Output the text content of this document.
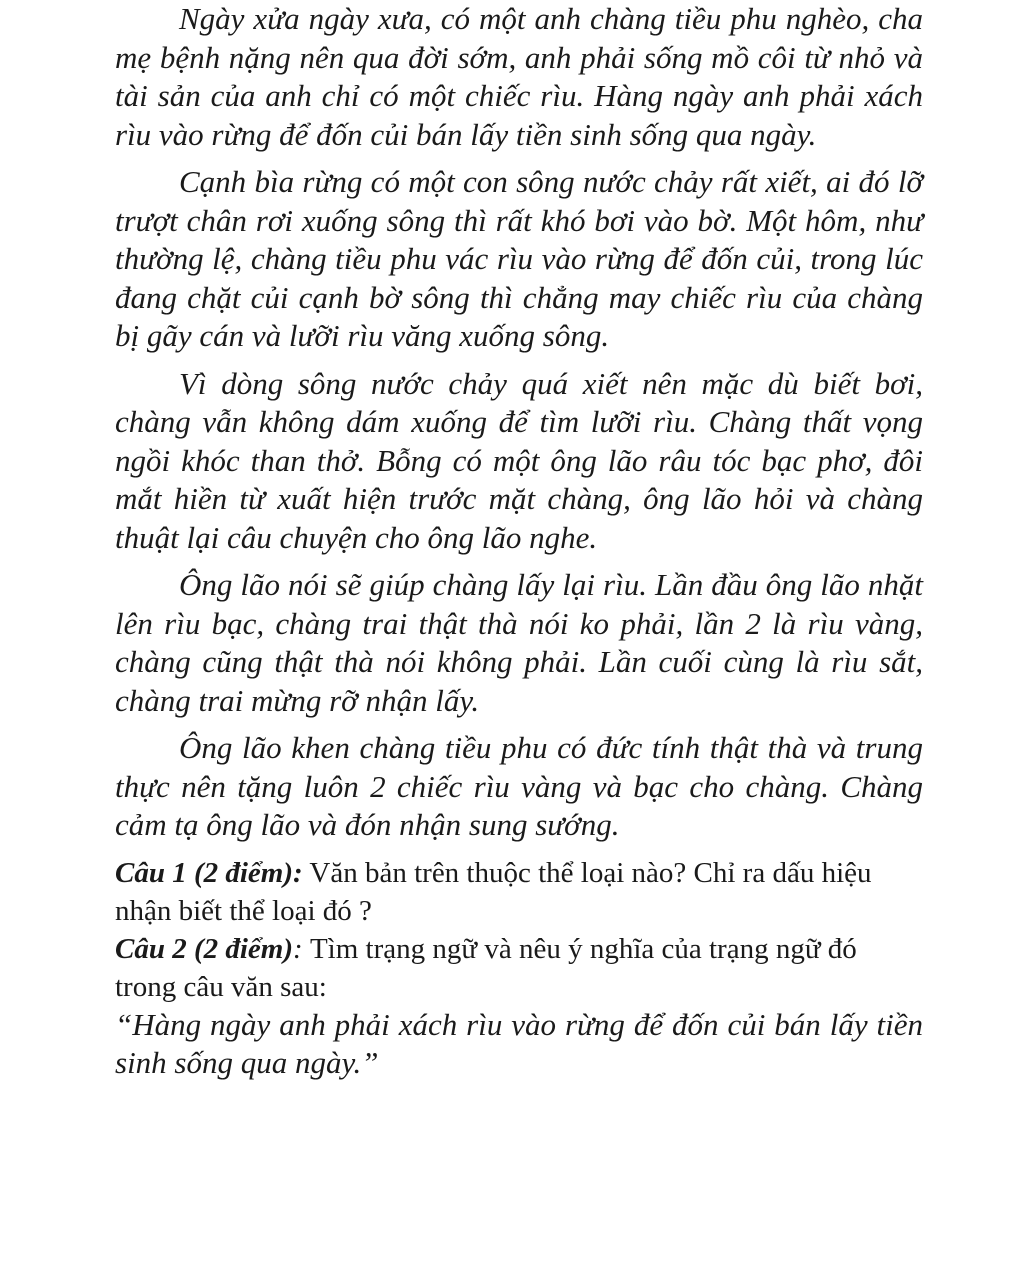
Ngày xửa ngày xưa, có một anh chàng tiều phu nghèo, cha mẹ bệnh nặng nên qua đời sớm, anh phải sống mồ côi từ nhỏ và tài sản của anh chỉ có một chiếc rìu. Hàng ngày anh phải xách rìu vào rừng để đốn củi bán lấy tiền sinh sống qua ngày.

Cạnh bìa rừng có một con sông nước chảy rất xiết, ai đó lỡ trượt chân rơi xuống sông thì rất khó bơi vào bờ. Một hôm, như thường lệ, chàng tiều phu vác rìu vào rừng để đốn củi, trong lúc đang chặt củi cạnh bờ sông thì chẳng may chiếc rìu của chàng bị gãy cán và lưỡi rìu văng xuống sông.

Vì dòng sông nước chảy quá xiết nên mặc dù biết bơi, chàng vẫn không dám xuống để tìm lưỡi rìu. Chàng thất vọng ngồi khóc than thở. Bỗng có một ông lão râu tóc bạc phơ, đôi mắt hiền từ xuất hiện trước mặt chàng, ông lão hỏi và chàng thuật lại câu chuyện cho ông lão nghe.

Ông lão nói sẽ giúp chàng lấy lại rìu. Lần đầu ông lão nhặt lên rìu bạc, chàng trai thật thà nói ko phải, lần 2 là rìu vàng, chàng cũng thật thà nói không phải. Lần cuối cùng là rìu sắt, chàng trai mừng rỡ nhận lấy.

Ông lão khen chàng tiều phu có đức tính thật thà và trung thực nên tặng luôn 2 chiếc rìu vàng và bạc cho chàng. Chàng cảm tạ ông lão và đón nhận sung sướng.

Câu 1 (2 điểm): Văn bản trên thuộc thể loại nào? Chỉ ra dấu hiệu nhận biết thể loại đó ?

Câu 2 (2 điểm): Tìm trạng ngữ và nêu ý nghĩa của trạng ngữ đó trong câu văn sau:

“Hàng ngày anh phải xách rìu vào rừng để đốn củi bán lấy tiền sinh sống qua ngày.”
